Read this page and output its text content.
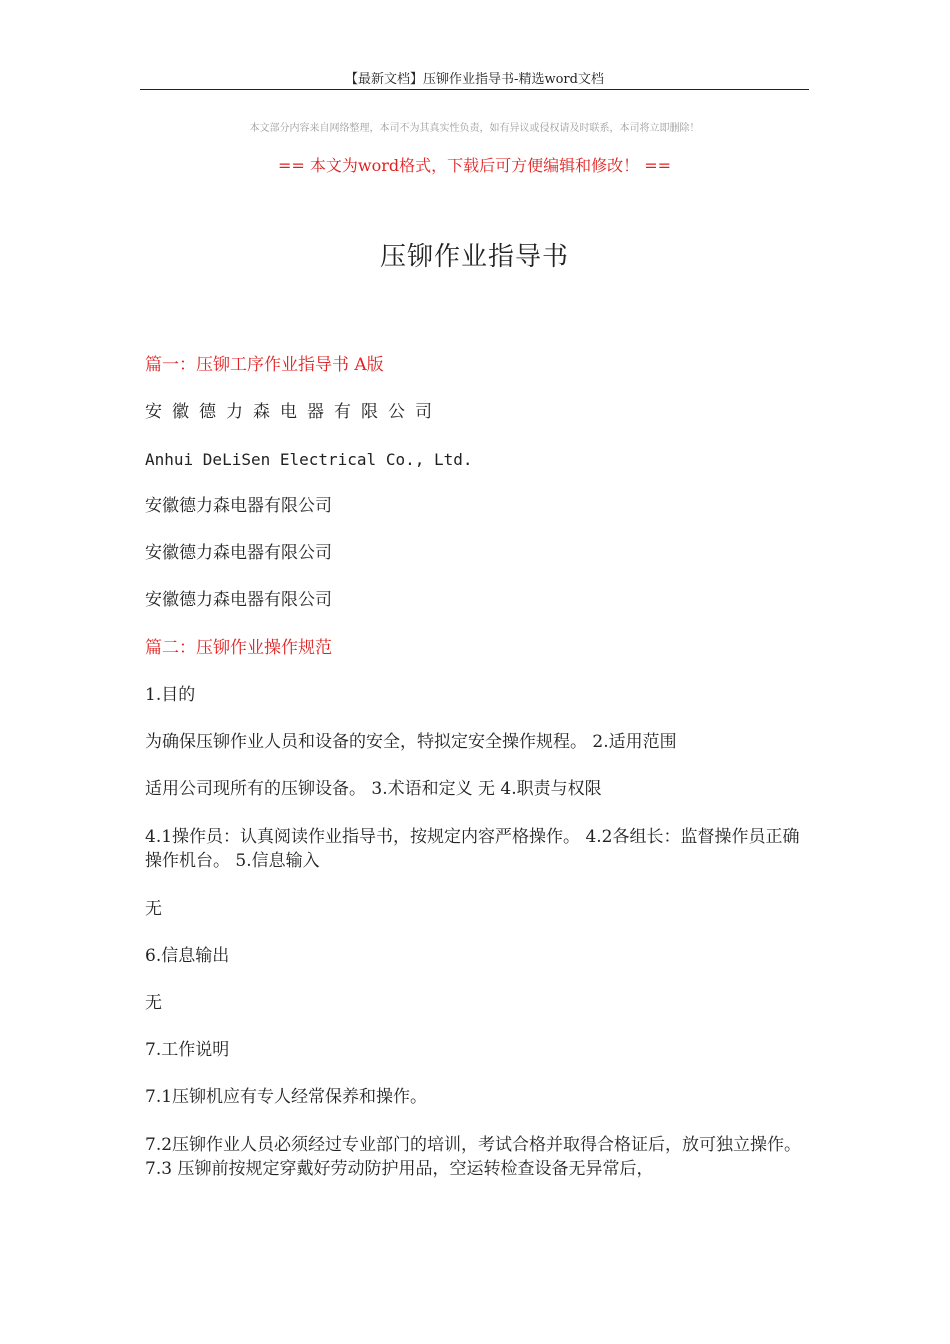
【最新文档】压铆作业指导书-精选word文档
本文部分内容来自网络整理，本司不为其真实性负责，如有异议或侵权请及时联系，本司将立即删除！
== 本文为word格式，下载后可方便编辑和修改！ ==
压铆作业指导书
篇一：压铆工序作业指导书 A版
安徽德力森电器有限公司
Anhui DeLiSen Electrical Co., Ltd.
安徽德力森电器有限公司
安徽德力森电器有限公司
安徽德力森电器有限公司
篇二：压铆作业操作规范
1.目的
为确保压铆作业人员和设备的安全，特拟定安全操作规程。 2.适用范围
适用公司现所有的压铆设备。 3.术语和定义 无 4.职责与权限
4.1操作员：认真阅读作业指导书，按规定内容严格操作。 4.2各组长：监督操作员正确操作机台。 5.信息输入
无
6.信息输出
无
7.工作说明
7.1压铆机应有专人经常保养和操作。
7.2压铆作业人员必须经过专业部门的培训，考试合格并取得合格证后，放可独立操作。 7.3 压铆前按规定穿戴好劳动防护用品，空运转检查设备无异常后，
